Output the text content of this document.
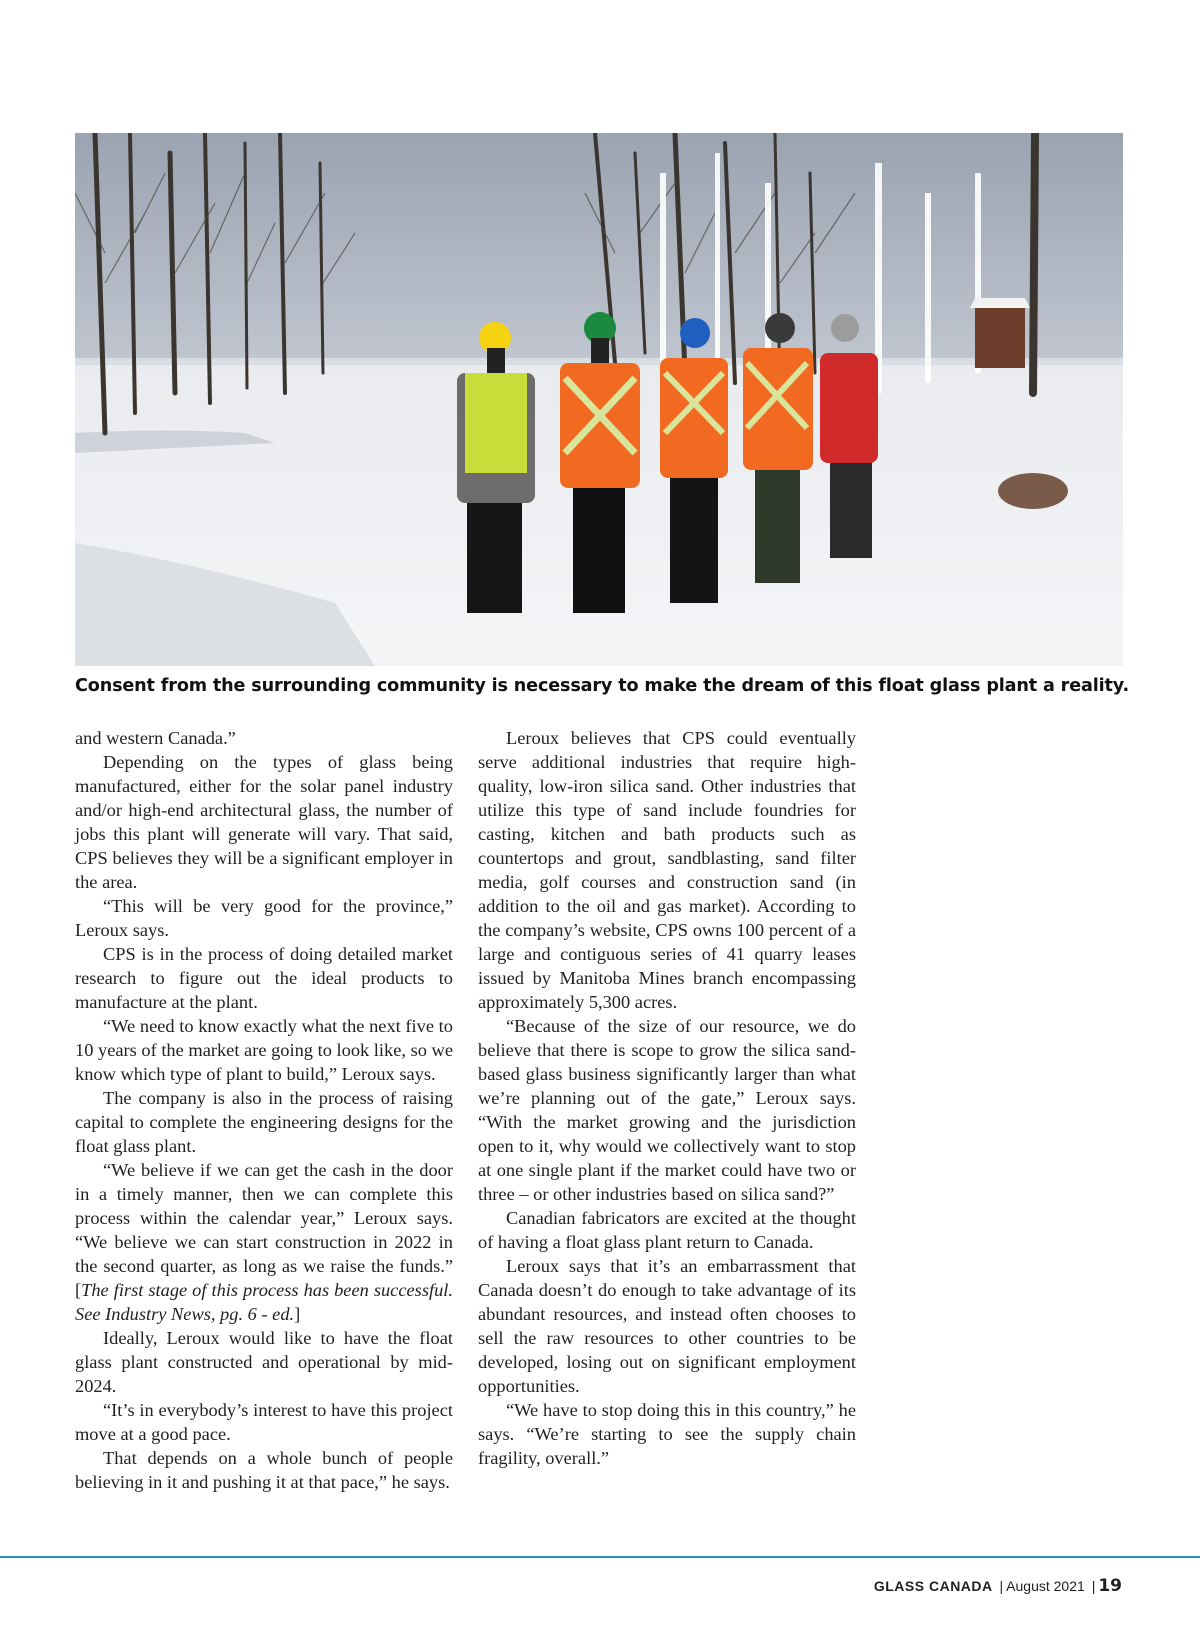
Consent from the surrounding community is necessary to make the dream of this float glass plant a reality.

and western Canada.”

Depending on the types of glass being manufactured, either for the solar panel industry and/or high-end architectural glass, the number of jobs this plant will generate will vary. That said, CPS believes they will be a significant employer in the area.

“This will be very good for the province,” Leroux says.

CPS is in the process of doing detailed market research to figure out the ideal products to manufacture at the plant.

“We need to know exactly what the next five to 10 years of the market are going to look like, so we know which type of plant to build,” Leroux says.

The company is also in the process of raising capital to complete the engineering designs for the float glass plant.

“We believe if we can get the cash in the door in a timely manner, then we can complete this process within the calendar year,” Leroux says. “We believe we can start construction in 2022 in the second quarter, as long as we raise the funds.” [The first stage of this process has been successful. See Industry News, pg. 6 - ed.]

Ideally, Leroux would like to have the float glass plant constructed and operational by mid-2024.

“It’s in everybody’s interest to have this project move at a good pace.

That depends on a whole bunch of people believing in it and pushing it at that pace,” he says.

Leroux believes that CPS could eventually serve additional industries that require high-quality, low-iron silica sand. Other industries that utilize this type of sand include foundries for casting, kitchen and bath products such as countertops and grout, sandblasting, sand filter media, golf courses and construction sand (in addition to the oil and gas market). According to the company’s website, CPS owns 100 percent of a large and contiguous series of 41 quarry leases issued by Manitoba Mines branch encompassing approximately 5,300 acres.

“Because of the size of our resource, we do believe that there is scope to grow the silica sand-based glass business significantly larger than what we’re planning out of the gate,” Leroux says. “With the market growing and the jurisdiction open to it, why would we collectively want to stop at one single plant if the market could have two or three – or other industries based on silica sand?”

Canadian fabricators are excited at the thought of having a float glass plant return to Canada.

Leroux says that it’s an embarrassment that Canada doesn’t do enough to take advantage of its abundant resources, and instead often chooses to sell the raw resources to other countries to be developed, losing out on significant employment opportunities.

“We have to stop doing this in this country,” he says. “We’re starting to see the supply chain fragility, overall.”

GLASS CANADA | August 2021 | 19
